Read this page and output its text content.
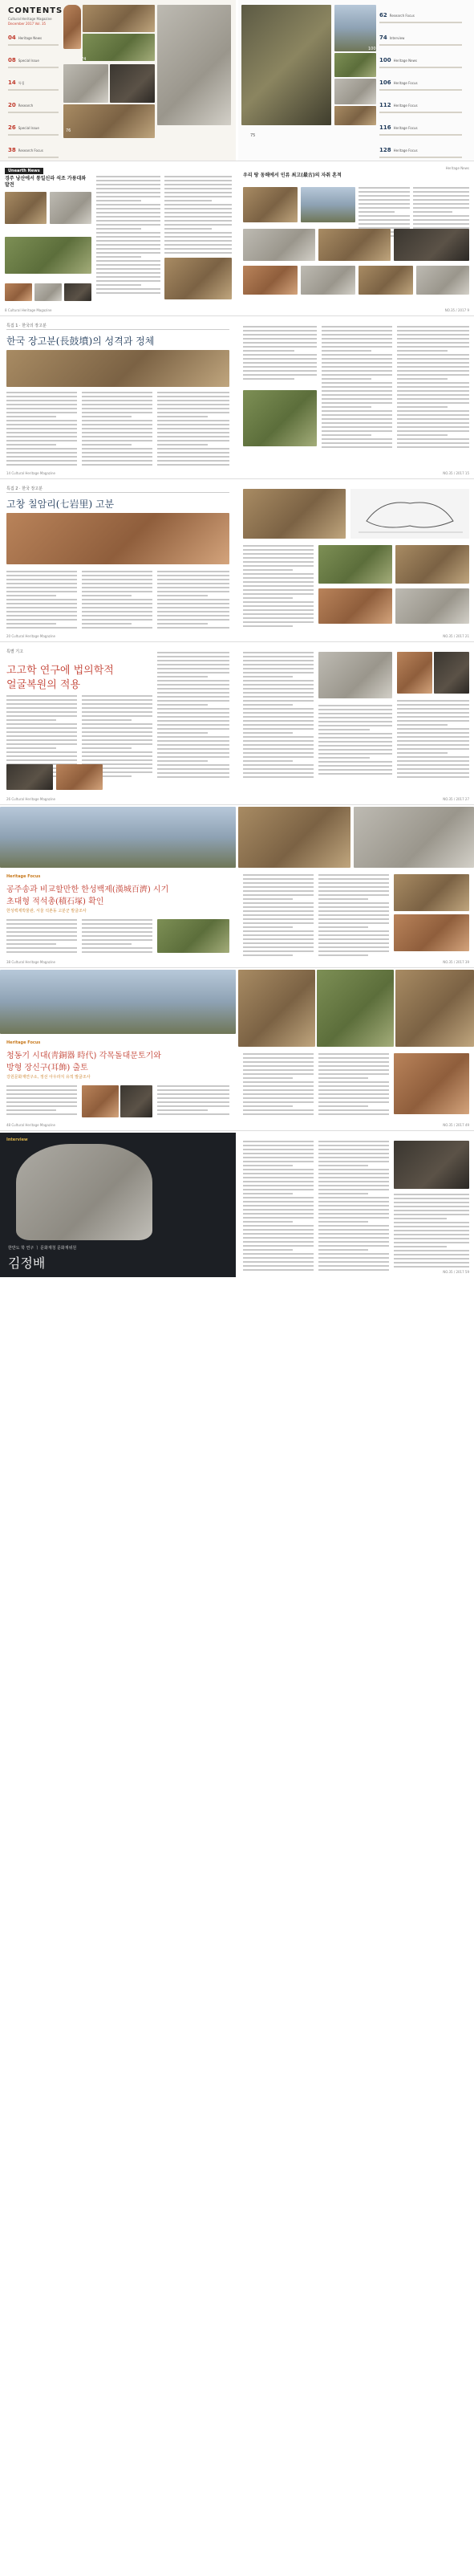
CONTENTS
Cultural Heritage Magazine
December 2017 Vol. 35
04 Heritage News
08 Special Issue
14 특집
20 Research
26 Special Issue
38 Research Focus
74
76
75
100
62 Research Focus
74 Interview
100 Heritage News
106 Heritage Focus
112 Heritage Focus
116 Heritage Focus
128 Heritage Focus
Unearth News
경주 낭산에서 통일신라 석조 가릉대좌 발견
8 Cultural Heritage Magazine
Heritage News
우리 땅 동해에서 인류 최고(最古)의 자취 흔적
NO.35 / 2017 9
특집 1 · 한국의 장고분
한국 장고분(長鼓墳)의 성격과 정체
14 Cultural Heritage Magazine	NO.35 / 2017 15
특집 2 · 한국 장고분
고창 칠암리(七岩里) 고분
20 Cultural Heritage Magazine	NO.35 / 2017 21
특별 기고
고고학 연구에 법의학적
얼굴복원의 적용
26 Cultural Heritage Magazine	NO.35 / 2017 27
Heritage Focus
공주송과 비교할만한 한성백제(漢城百濟) 시기
초대형 적석총(積石塚) 확인
한성백제박물관, 서울 석촌동 고분군 발굴조사
38 Cultural Heritage Magazine	NO.35 / 2017 39
Heritage Focus
청동기 시대(靑銅器 時代) 각목돌대문토기와
방형 장신구(耳飾) 출토
강원문화재연구소, 정선 아우라지 유적 발굴조사
48 Cultural Heritage Magazine	NO.35 / 2017 49
Interview
한반도 학 연구 ㅣ 문화재청 문화재위원
김정배
NO.35 / 2017 59
